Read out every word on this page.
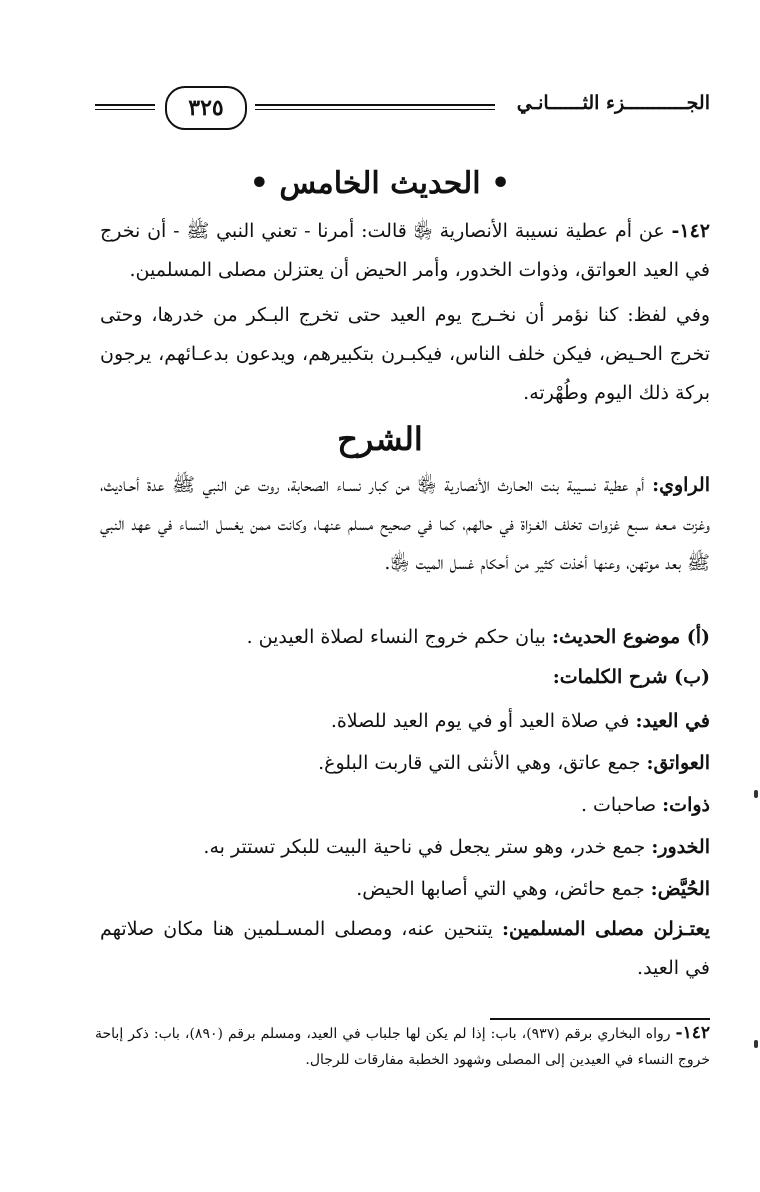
الجـــــــــــزء الثــــــانـي
٣٢٥
• الحديث الخامس •
١٤٢- عن أم عطية نسيبة الأنصارية ﵂ قالت: أمرنا - تعني النبي ﷺ - أن نخرج في العيد العواتق، وذوات الخدور، وأمر الحيض أن يعتزلن مصلى المسلمين.
وفي لفظ: كنا نؤمر أن نخـرج يوم العيد حتى تخرج البـكر من خدرها، وحتى تخرج الحـيض، فيكن خلف الناس، فيكبـرن بتكبيرهم، ويدعون بدعـائهم، يرجون بركة ذلك اليوم وطُهْرته.
الشرح
الراوي: أم عطية نسـيبة بنت الحـارث الأنصارية ﵂ من كبار نسـاء الصحابة، روت عن النبي ﷺ عدة أحـاديث، وغزت مـعه سـبع غزوات تخلف الغـزاة في حالهم، كما في صحيح مسلم عنهـا، وكانت ممن يغسل النساء في عهد النبي ﷺ بعد موتهن، وعنها أخذت كثير من أحكام غسل الميت ﵂.
(أ) موضوع الحديث: بيان حكم خروج النساء لصلاة العيدين .
(ب) شرح الكلمات:
في العيد: في صلاة العيد أو في يوم العيد للصلاة.
العواتق: جمع عاتق، وهي الأنثى التي قاربت البلوغ.
ذوات: صاحبات .
الخدور: جمع خدر، وهو ستر يجعل في ناحية البيت للبكر تستتر به.
الحُيَّض: جمع حائض، وهي التي أصابها الحيض.
يعتـزلن مصلى المسلمين: يتنحين عنه، ومصلى المسـلمين هنا مكان صلاتهم في العيد.
١٤٢- رواه البخاري برقم (٩٣٧)، باب: إذا لم يكن لها جلباب في العيد، ومسلم برقم (٨٩٠)، باب: ذكر إباحة خروج النساء في العيدين إلى المصلى وشهود الخطبة مفارقات للرجال.
